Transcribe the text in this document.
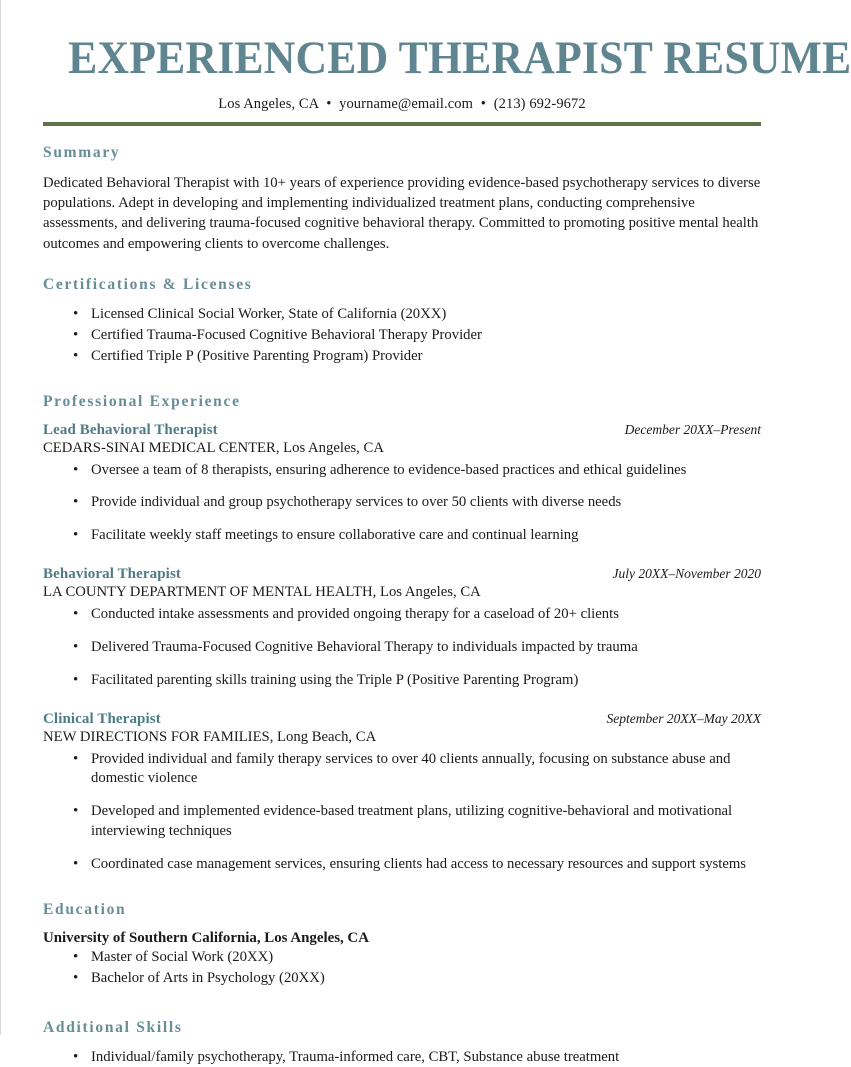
EXPERIENCED THERAPIST RESUME
Los Angeles, CA • yourname@email.com • (213) 692-9672
Summary

Dedicated Behavioral Therapist with 10+ years of experience providing evidence-based psychotherapy services to diverse populations. Adept in developing and implementing individualized treatment plans, conducting comprehensive assessments, and delivering trauma-focused cognitive behavioral therapy. Committed to promoting positive mental health outcomes and empowering clients to overcome challenges.

Certifications & Licenses
• Licensed Clinical Social Worker, State of California (20XX)
• Certified Trauma-Focused Cognitive Behavioral Therapy Provider
• Certified Triple P (Positive Parenting Program) Provider
Professional Experience
Lead Behavioral Therapist	December 20XX–Present
CEDARS-SINAI MEDICAL CENTER, Los Angeles, CA
• Oversee a team of 8 therapists, ensuring adherence to evidence-based practices and ethical guidelines
• Provide individual and group psychotherapy services to over 50 clients with diverse needs
• Facilitate weekly staff meetings to ensure collaborative care and continual learning
Behavioral Therapist	July 20XX–November 2020
LA COUNTY DEPARTMENT OF MENTAL HEALTH, Los Angeles, CA
• Conducted intake assessments and provided ongoing therapy for a caseload of 20+ clients
• Delivered Trauma-Focused Cognitive Behavioral Therapy to individuals impacted by trauma
• Facilitated parenting skills training using the Triple P (Positive Parenting Program)
Clinical Therapist	September 20XX–May 20XX
NEW DIRECTIONS FOR FAMILIES, Long Beach, CA
• Provided individual and family therapy services to over 40 clients annually, focusing on substance abuse and domestic violence
• Developed and implemented evidence-based treatment plans, utilizing cognitive-behavioral and motivational interviewing techniques
• Coordinated case management services, ensuring clients had access to necessary resources and support systems
Education
University of Southern California, Los Angeles, CA
• Master of Social Work (20XX)
• Bachelor of Arts in Psychology (20XX)
Additional Skills
• Individual/family psychotherapy, Trauma-informed care, CBT, Substance abuse treatment
